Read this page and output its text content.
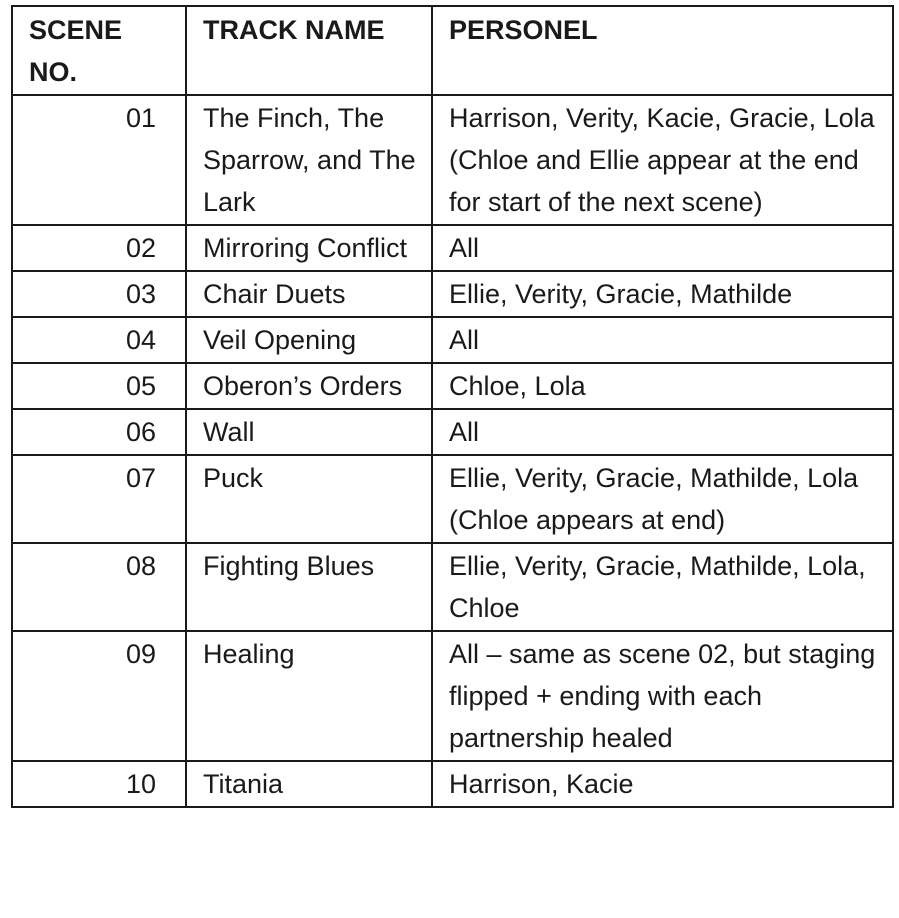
SCENE NO.	TRACK NAME	PERSONEL
01	The Finch, The Sparrow, and The Lark	Harrison, Verity, Kacie, Gracie, Lola (Chloe and Ellie appear at the end for start of the next scene)
02	Mirroring Conflict	All
03	Chair Duets	Ellie, Verity, Gracie, Mathilde
04	Veil Opening	All
05	Oberon’s Orders	Chloe, Lola
06	Wall	All
07	Puck	Ellie, Verity, Gracie, Mathilde, Lola (Chloe appears at end)
08	Fighting Blues	Ellie, Verity, Gracie, Mathilde, Lola, Chloe
09	Healing	All – same as scene 02, but staging flipped + ending with each partnership healed
10	Titania	Harrison, Kacie
